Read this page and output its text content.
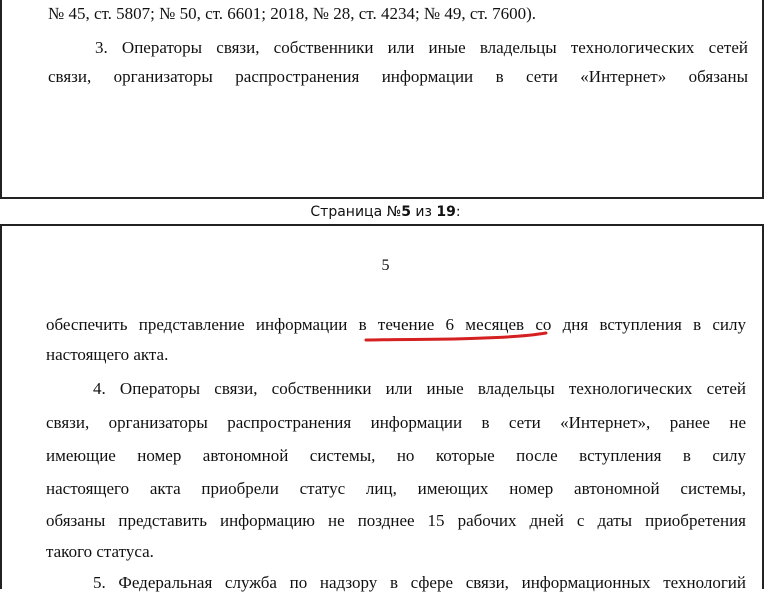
№ 45, ст. 5807; № 50, ст. 6601; 2018, № 28, ст. 4234; № 49, ст. 7600).
3. Операторы связи, собственники или иные владельцы технологических сетей
связи, организаторы распространения информации в сети «Интернет» обязаны
Страница №5 из 19:
5
обеспечить представление информации в течение 6 месяцев со дня вступления в силу
настоящего акта.
4. Операторы связи, собственники или иные владельцы технологических сетей
связи, организаторы распространения информации в сети «Интернет», ранее не
имеющие номер автономной системы, но которые после вступления в силу
настоящего акта приобрели статус лиц, имеющих номер автономной системы,
обязаны представить информацию не позднее 15 рабочих дней с даты приобретения
такого статуса.
5. Федеральная служба по надзору в сфере связи, информационных технологий
